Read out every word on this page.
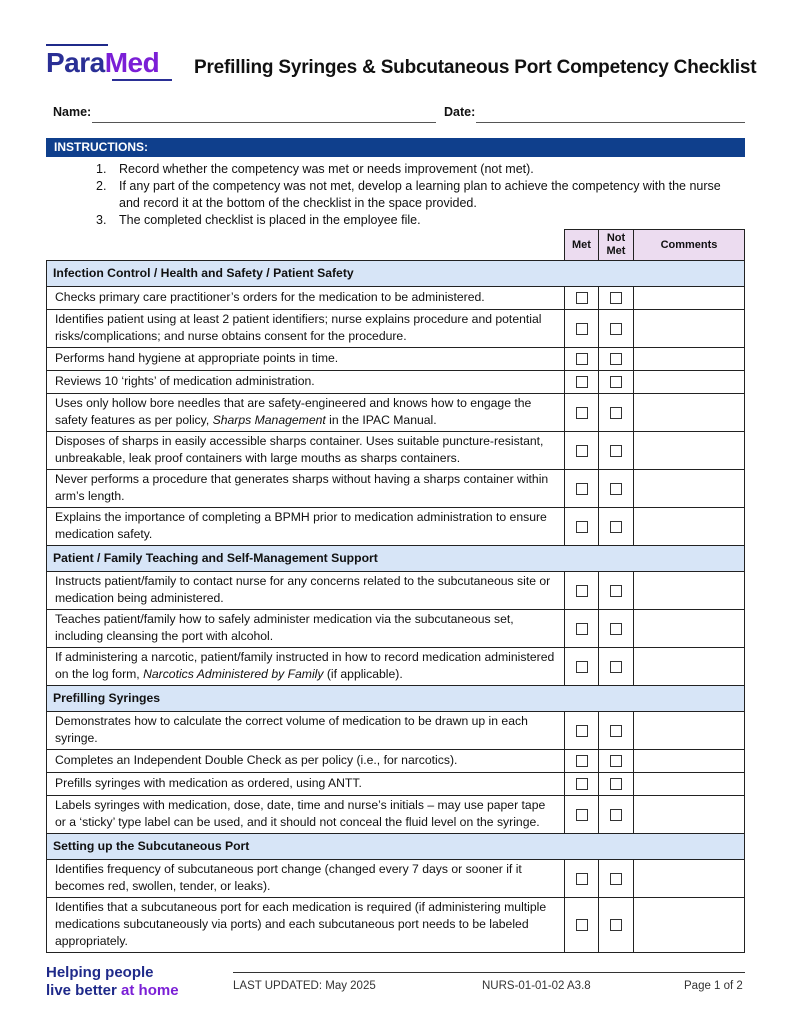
ParaMed Prefilling Syringes & Subcutaneous Port Competency Checklist
Name:	Date:
INSTRUCTIONS:
1.	Record whether the competency was met or needs improvement (not met).
2.	If any part of the competency was not met, develop a learning plan to achieve the competency with the nurse and record it at the bottom of the checklist in the space provided.
3.	The completed checklist is placed in the employee file.
	Met	Not Met	Comments
Infection Control / Health and Safety / Patient Safety			
Checks primary care practitioner’s orders for the medication to be administered.			
Identifies patient using at least 2 patient identifiers; nurse explains procedure and potential risks/complications; and nurse obtains consent for the procedure.			
Performs hand hygiene at appropriate points in time.			
Reviews 10 ‘rights’ of medication administration.			
Uses only hollow bore needles that are safety-engineered and knows how to engage the safety features as per policy, Sharps Management in the IPAC Manual.			
Disposes of sharps in easily accessible sharps container. Uses suitable puncture-resistant, unbreakable, leak proof containers with large mouths as sharps containers.			
Never performs a procedure that generates sharps without having a sharps container within arm’s length.			
Explains the importance of completing a BPMH prior to medication administration to ensure medication safety.			
Patient / Family Teaching and Self-Management Support			
Instructs patient/family to contact nurse for any concerns related to the subcutaneous site or medication being administered.			
Teaches patient/family how to safely administer medication via the subcutaneous set, including cleansing the port with alcohol.			
If administering a narcotic, patient/family instructed in how to record medication administered on the log form, Narcotics Administered by Family (if applicable).			
Prefilling Syringes			
Demonstrates how to calculate the correct volume of medication to be drawn up in each syringe.			
Completes an Independent Double Check as per policy (i.e., for narcotics).			
Prefills syringes with medication as ordered, using ANTT.			
Labels syringes with medication, dose, date, time and nurse’s initials – may use paper tape or a ‘sticky’ type label can be used, and it should not conceal the fluid level on the syringe.			
Setting up the Subcutaneous Port			
Identifies frequency of subcutaneous port change (changed every 7 days or sooner if it becomes red, swollen, tender, or leaks).			
Identifies that a subcutaneous port for each medication is required (if administering multiple medications subcutaneously via ports) and each subcutaneous port needs to be labeled appropriately.			
Helping people
live better at home	LAST UPDATED: May 2025	NURS-01-01-02 A3.8	Page 1 of 2
